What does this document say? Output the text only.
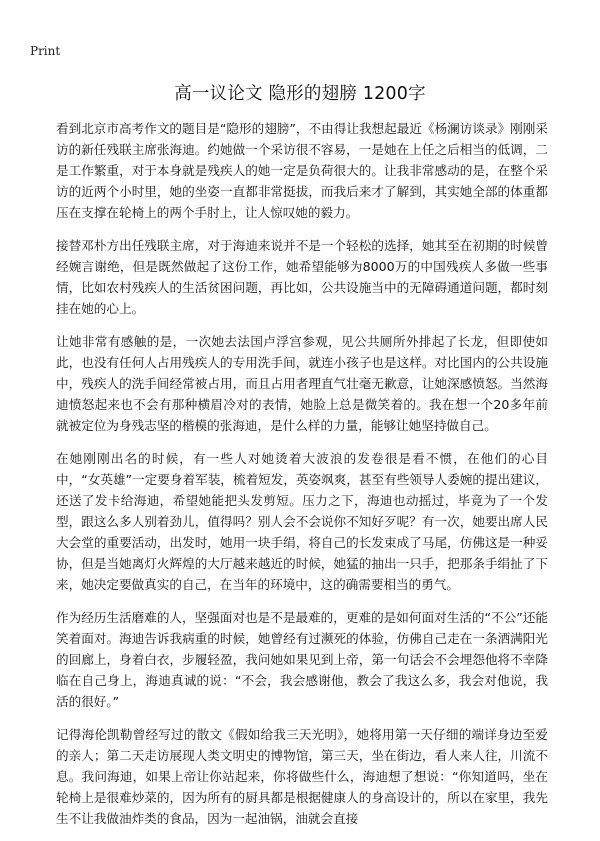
Print
高一议论文 隐形的翅膀 1200字

看到北京市高考作文的题目是“隐形的翅膀”，不由得让我想起最近《杨澜访谈录》刚刚采访的新任残联主席张海迪。约她做一个采访很不容易，一是她在上任之后相当的低调，二是工作繁重，对于本身就是残疾人的她一定是负荷很大的。让我非常感动的是，在整个采访的近两个小时里，她的坐姿一直都非常挺拔，而我后来才了解到，其实她全部的体重都压在支撑在轮椅上的两个手肘上，让人惊叹她的毅力。

接替邓朴方出任残联主席，对于海迪来说并不是一个轻松的选择，她其至在初期的时候曾经婉言谢绝，但是既然做起了这份工作，她希望能够为8000万的中国残疾人多做一些事情，比如农村残疾人的生活贫困问题，再比如，公共设施当中的无障碍通道问题，都时刻挂在她的心上。

让她非常有感触的是，一次她去法国卢浮宫参观，见公共厕所外排起了长龙，但即使如此，也没有任何人占用残疾人的专用洗手间，就连小孩子也是这样。对比国内的公共设施中，残疾人的洗手间经常被占用，而且占用者理直气壮毫无歉意，让她深感愤怒。当然海迪愤怒起来也不会有那种横眉冷对的表情，她脸上总是微笑着的。我在想一个20多年前就被定位为身残志坚的楷模的张海迪，是什么样的力量，能够让她坚持做自己。

在她刚刚出名的时候，有一些人对她烫着大波浪的发卷很是看不惯，在他们的心目中，“女英雄”一定要身着军装，梳着短发，英姿飒爽，甚至有些领导人委婉的提出建议，还送了发卡给海迪，希望她能把头发剪短。压力之下，海迪也动摇过，毕竟为了一个发型，跟这么多人别着劲儿，值得吗？别人会不会说你不知好歹呢？有一次，她要出席人民大会堂的重要活动，出发时，她用一块手绢，将自己的长发束成了马尾，仿佛这是一种妥协，但是当她离灯火辉煌的大厅越来越近的时候，她猛的抽出一只手，把那条手绢扯了下来，她决定要做真实的自己，在当年的环境中，这的确需要相当的勇气。

作为经历生活磨难的人，坚强面对也是不是最难的，更难的是如何面对生活的“不公”还能笑着面对。海迪告诉我病重的时候，她曾经有过濒死的体验，仿佛自己走在一条洒满阳光的回廊上，身着白衣，步履轻盈，我问她如果见到上帝，第一句话会不会埋怨他将不幸降临在自己身上，海迪真诚的说：“不会，我会感谢他，教会了我这么多，我会对他说，我活的很好。”

记得海伦凯勒曾经写过的散文《假如给我三天光明》，她将用第一天仔细的端详身边至爱的亲人；第二天走访展现人类文明史的博物馆，第三天，坐在街边，看人来人往，川流不息。我问海迪，如果上帝让你站起来，你将做些什么，海迪想了想说：“你知道吗，坐在轮椅上是很难炒菜的，因为所有的厨具都是根据健康人的身高设计的，所以在家里，我先生不让我做油炸类的食品，因为一起油锅，油就会直接
